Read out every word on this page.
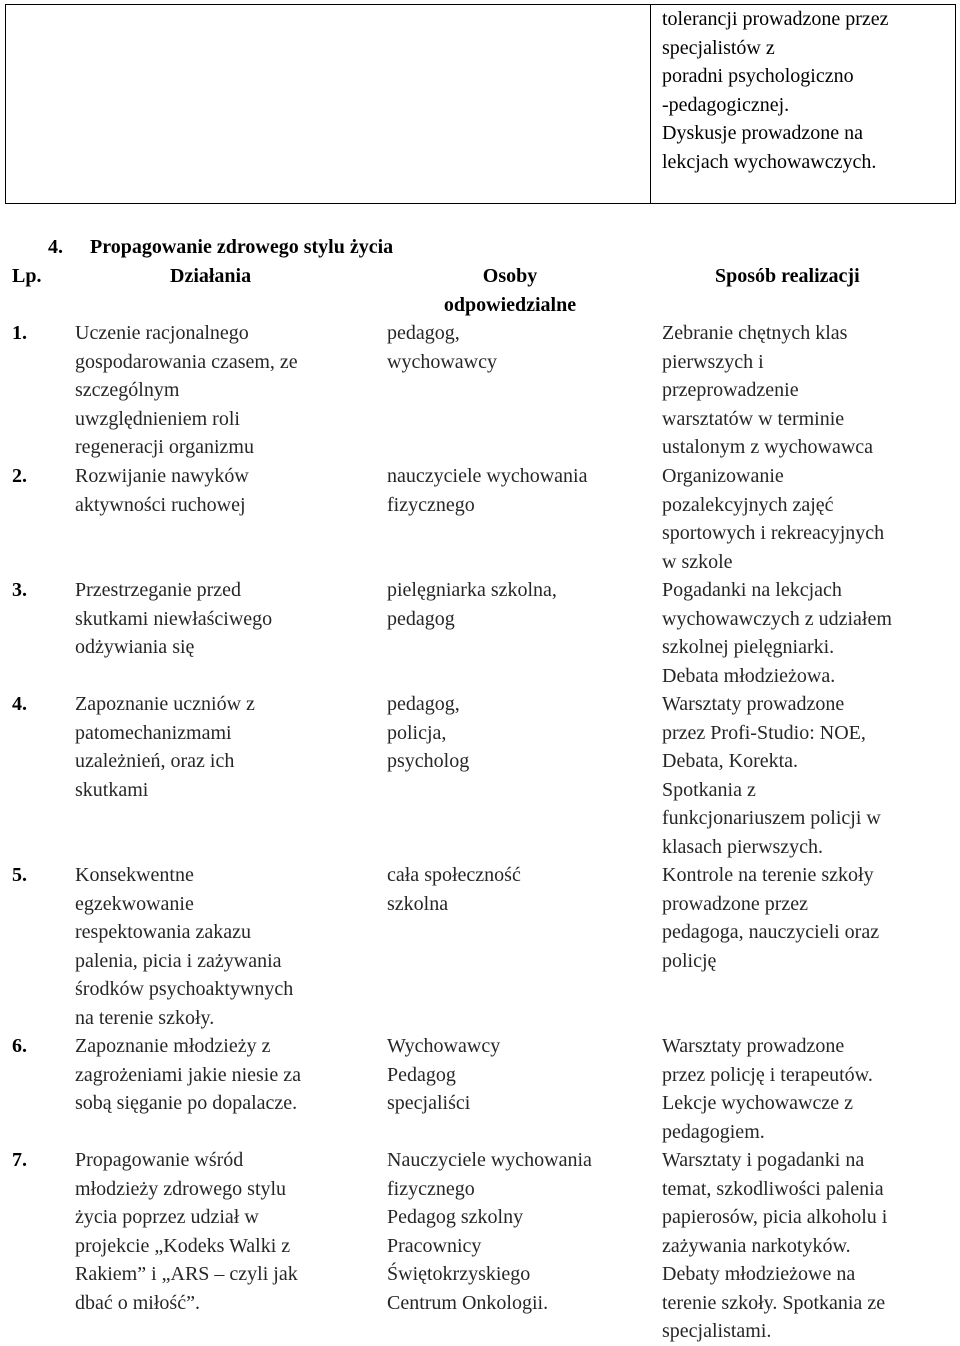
tolerancji prowadzone przez
specjalistów z
poradni psychologiczno
-pedagogicznej.
Dyskusje prowadzone na
lekcjach wychowawczych.
4. Propagowanie zdrowego stylu życia
Lp.	Działania	Osoby
odpowiedzialne
Sposób realizacji
1. Uczenie racjonalnego
gospodarowania czasem, ze
szczególnym
uwzględnieniem roli
regeneracji organizmu
pedagog,
wychowawcy
Zebranie chętnych klas
pierwszych i
przeprowadzenie
warsztatów w terminie
ustalonym z wychowawca
2. Rozwijanie nawyków
aktywności ruchowej
nauczyciele wychowania
fizycznego
Organizowanie
pozalekcyjnych zajęć
sportowych i rekreacyjnych
w szkole
3. Przestrzeganie przed
skutkami niewłaściwego
odżywiania się
pielęgniarka szkolna,
pedagog
Pogadanki na lekcjach
wychowawczych z udziałem
szkolnej pielęgniarki.
Debata młodzieżowa.
4. Zapoznanie uczniów z
patomechanizmami
uzależnień, oraz ich
skutkami
pedagog,
policja,
psycholog
Warsztaty prowadzone
przez Profi-Studio: NOE,
Debata, Korekta.
Spotkania z
funkcjonariuszem policji w
klasach pierwszych.
5. Konsekwentne
egzekwowanie
respektowania zakazu
palenia, picia i zażywania
środków psychoaktywnych
na terenie szkoły.
cała społeczność
szkolna
Kontrole na terenie szkoły
prowadzone przez
pedagoga, nauczycieli oraz
policję
6. Zapoznanie młodzieży z
zagrożeniami jakie niesie za
sobą sięganie po dopalacze.
Wychowawcy
Pedagog
specjaliści
Warsztaty prowadzone
przez policję i terapeutów.
Lekcje wychowawcze z
pedagogiem.
7. Propagowanie wśród
młodzieży zdrowego stylu
życia poprzez udział w
projekcie „Kodeks Walki z
Rakiem” i „ARS – czyli jak
dbać o miłość”.
Nauczyciele wychowania
fizycznego
Pedagog szkolny
Pracownicy
Świętokrzyskiego
Centrum Onkologii.
Warsztaty i pogadanki na
temat, szkodliwości palenia
papierosów, picia alkoholu i
zażywania narkotyków.
Debaty młodzieżowe na
terenie szkoły. Spotkania ze
specjalistami.
